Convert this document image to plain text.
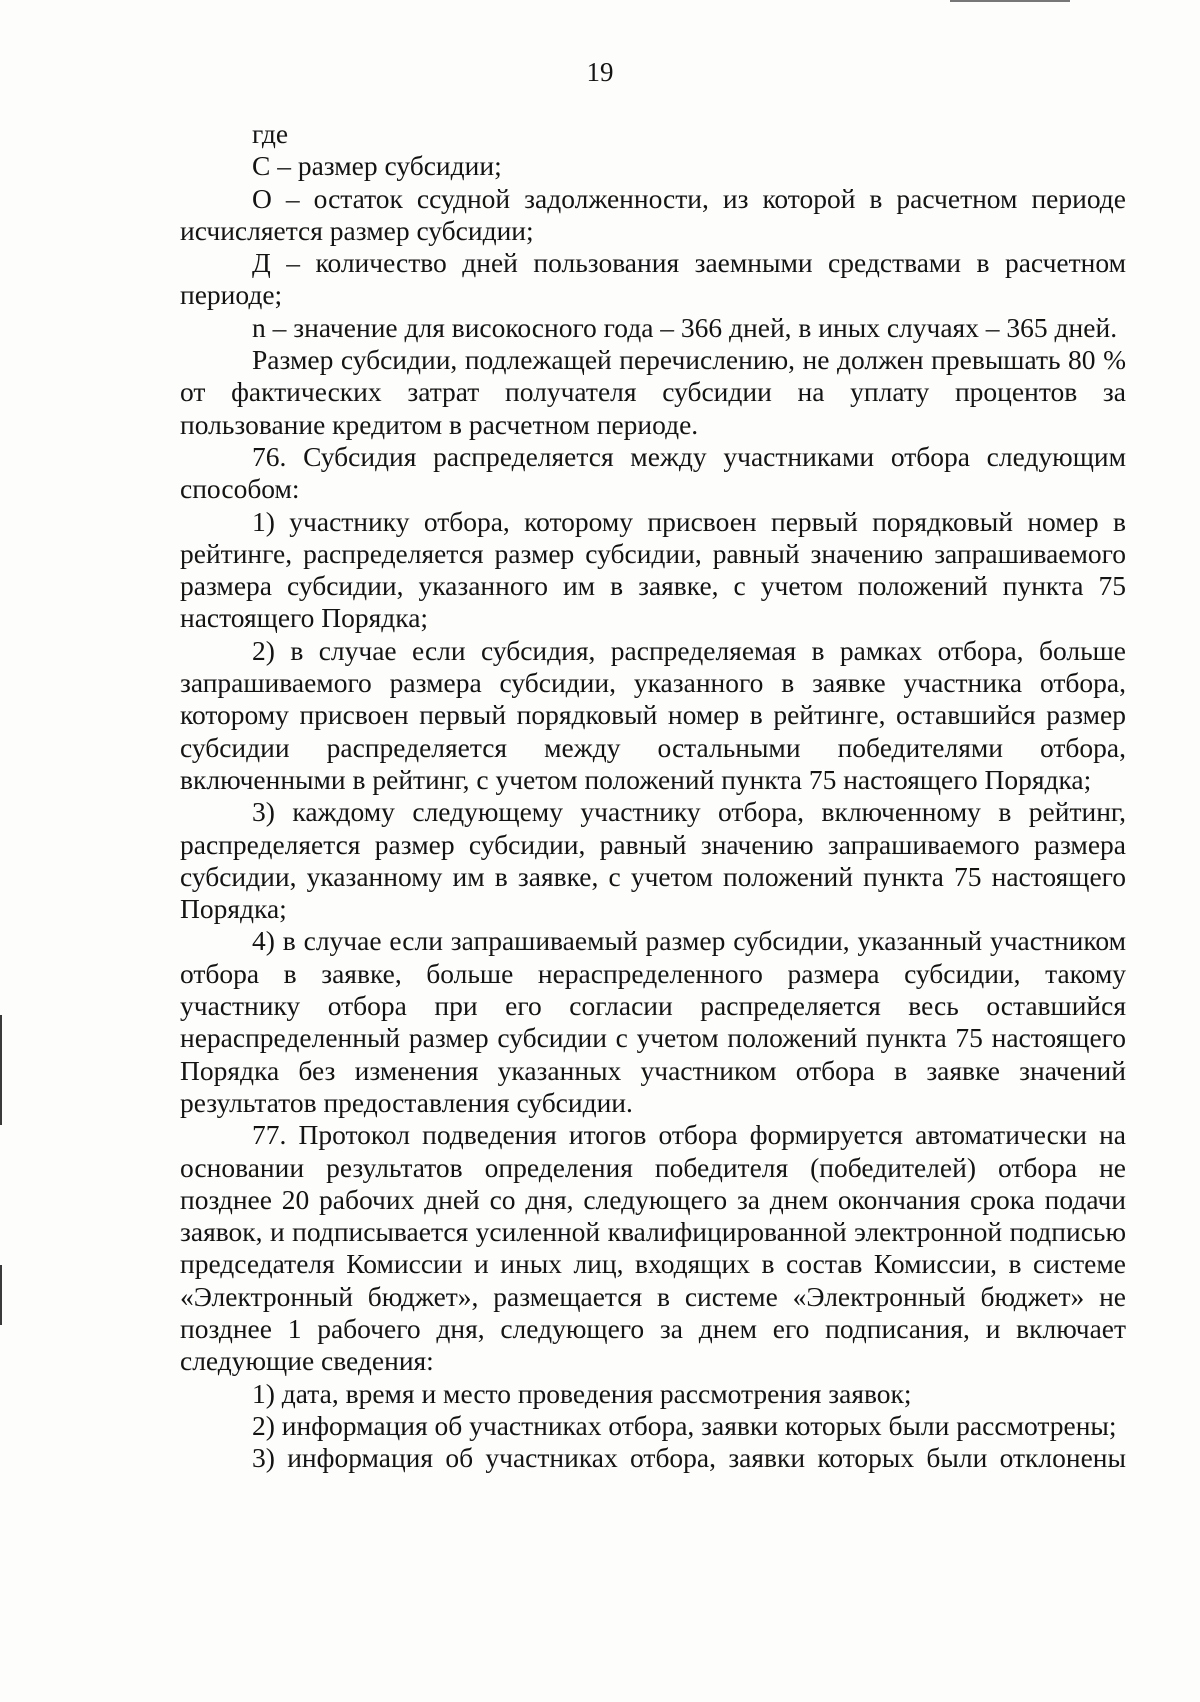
19

где

С – размер субсидии;

О – остаток ссудной задолженности, из которой в расчетном периоде исчисляется размер субсидии;

Д – количество дней пользования заемными средствами в расчетном периоде;

n – значение для високосного года – 366 дней, в иных случаях – 365 дней.

Размер субсидии, подлежащей перечислению, не должен превышать 80 % от фактических затрат получателя субсидии на уплату процентов за пользование кредитом в расчетном периоде.

76. Субсидия распределяется между участниками отбора следующим способом:

1) участнику отбора, которому присвоен первый порядковый номер в рейтинге, распределяется размер субсидии, равный значению запрашиваемого размера субсидии, указанного им в заявке, с учетом положений пункта 75 настоящего Порядка;

2) в случае если субсидия, распределяемая в рамках отбора, больше запрашиваемого размера субсидии, указанного в заявке участника отбора, которому присвоен первый порядковый номер в рейтинге, оставшийся размер субсидии распределяется между остальными победителями отбора, включенными в рейтинг, с учетом положений пункта 75 настоящего Порядка;

3) каждому следующему участнику отбора, включенному в рейтинг, распределяется размер субсидии, равный значению запрашиваемого размера субсидии, указанному им в заявке, с учетом положений пункта 75 настоящего Порядка;

4) в случае если запрашиваемый размер субсидии, указанный участником отбора в заявке, больше нераспределенного размера субсидии, такому участнику отбора при его согласии распределяется весь оставшийся нераспределенный размер субсидии с учетом положений пункта 75 настоящего Порядка без изменения указанных участником отбора в заявке значений результатов предоставления субсидии.

77. Протокол подведения итогов отбора формируется автоматически на основании результатов определения победителя (победителей) отбора не позднее 20 рабочих дней со дня, следующего за днем окончания срока подачи заявок, и подписывается усиленной квалифицированной электронной подписью председателя Комиссии и иных лиц, входящих в состав Комиссии, в системе «Электронный бюджет», размещается в системе «Электронный бюджет» не позднее 1 рабочего дня, следующего за днем его подписания, и включает следующие сведения:

1) дата, время и место проведения рассмотрения заявок;

2) информация об участниках отбора, заявки которых были рассмотрены;

3) информация об участниках отбора, заявки которых были отклонены
